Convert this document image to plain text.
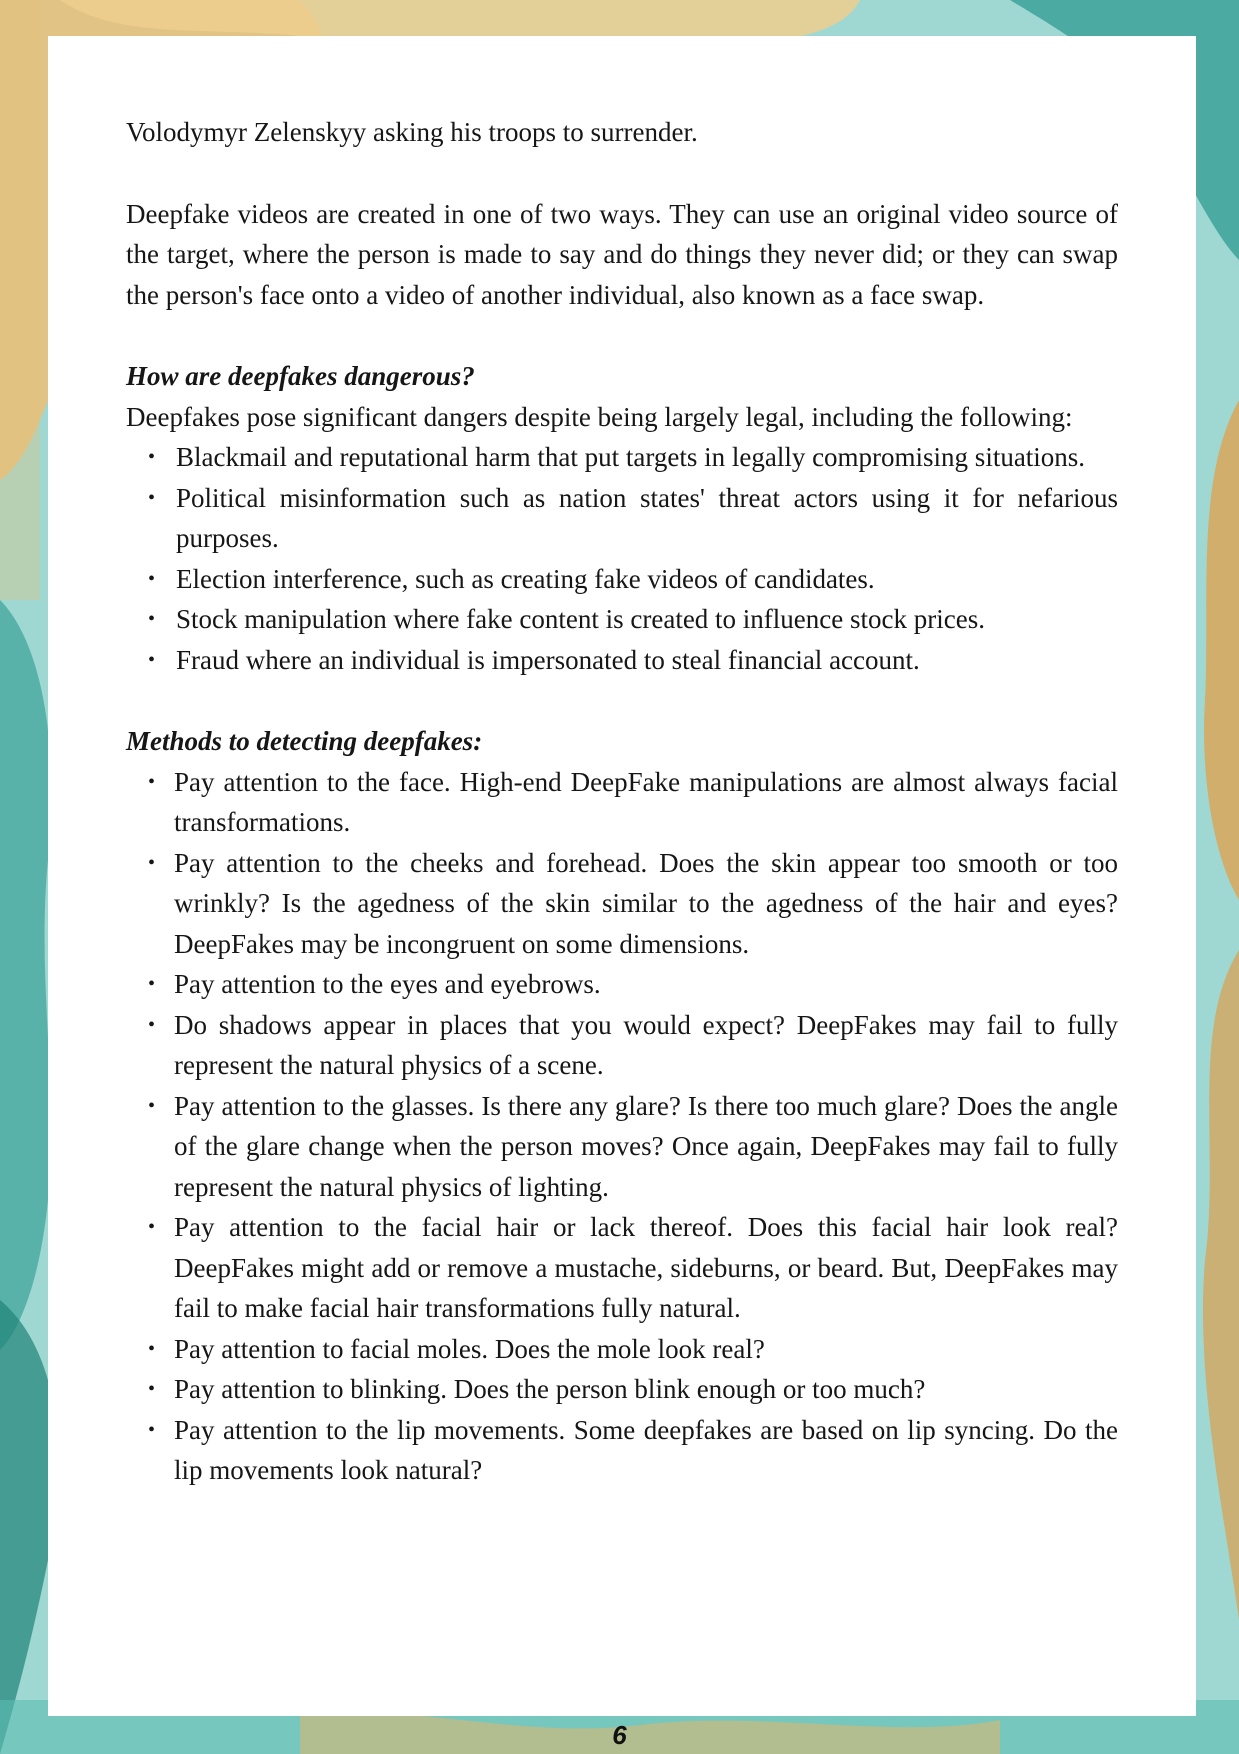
Volodymyr Zelenskyy asking his troops to surrender.

Deepfake videos are created in one of two ways. They can use an original video source of the target, where the person is made to say and do things they never did; or they can swap the person's face onto a video of another individual, also known as a face swap.

How are deepfakes dangerous?

Deepfakes pose significant dangers despite being largely legal, including the following:

• Blackmail and reputational harm that put targets in legally compromising situations.
• Political misinformation such as nation states' threat actors using it for nefarious purposes.
• Election interference, such as creating fake videos of candidates.
• Stock manipulation where fake content is created to influence stock prices.
• Fraud where an individual is impersonated to steal financial account.

Methods to detecting deepfakes:

• Pay attention to the face. High-end DeepFake manipulations are almost always facial transformations.
• Pay attention to the cheeks and forehead. Does the skin appear too smooth or too wrinkly? Is the agedness of the skin similar to the agedness of the hair and eyes? DeepFakes may be incongruent on some dimensions.
• Pay attention to the eyes and eyebrows.
• Do shadows appear in places that you would expect? DeepFakes may fail to fully represent the natural physics of a scene.
• Pay attention to the glasses. Is there any glare? Is there too much glare? Does the angle of the glare change when the person moves? Once again, DeepFakes may fail to fully represent the natural physics of lighting.
• Pay attention to the facial hair or lack thereof. Does this facial hair look real? DeepFakes might add or remove a mustache, sideburns, or beard. But, DeepFakes may fail to make facial hair transformations fully natural.
• Pay attention to facial moles. Does the mole look real?
• Pay attention to blinking. Does the person blink enough or too much?
• Pay attention to the lip movements. Some deepfakes are based on lip syncing. Do the lip movements look natural?
6
